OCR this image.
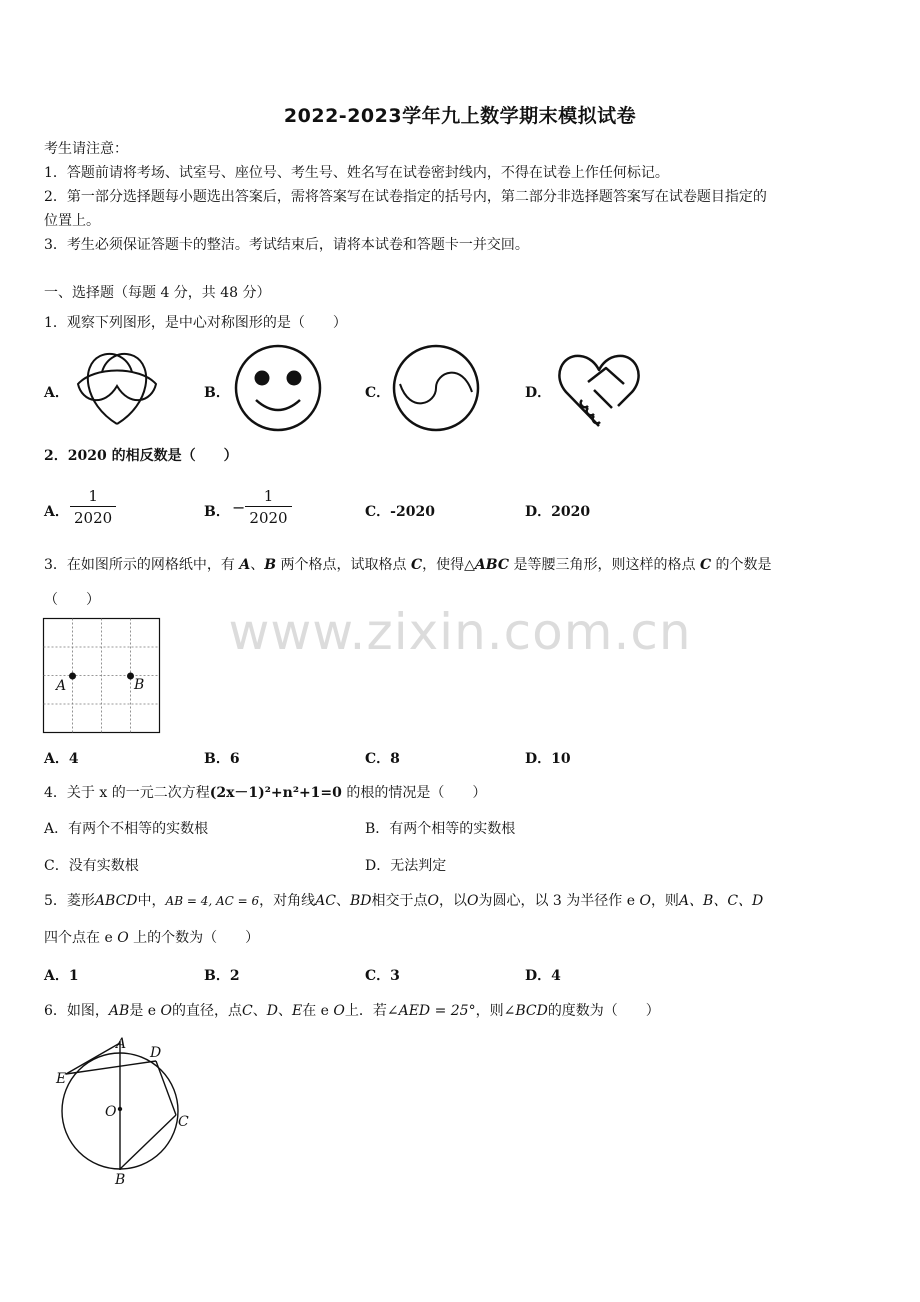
2022-2023学年九上数学期末模拟试卷
考生请注意：
1．答题前请将考场、试室号、座位号、考生号、姓名写在试卷密封线内，不得在试卷上作任何标记。
2．第一部分选择题每小题选出答案后，需将答案写在试卷指定的括号内，第二部分非选择题答案写在试卷题目指定的
位置上。
3．考生必须保证答题卡的整洁。考试结束后，请将本试卷和答题卡一并交回。
一、选择题（每题 4 分，共 48 分）
1．观察下列图形，是中心对称图形的是（　　）
A．	B．	C．	D．
2．2020 的相反数是（　　）
A． $\frac{1}{2020}$	B． − $\frac{1}{2020}$	C．-2020	D．2020
3．在如图所示的网格纸中，有 A、B 两个格点，试取格点 C，使得△ABC 是等腰三角形，则这样的格点 C 的个数是
（　　）
A	B
A．4	B．6	C．8	D．10
4．关于 x 的一元二次方程(2x－1)²+n²+1=0 的根的情况是（　　）
A．有两个不相等的实数根	B．有两个相等的实数根
C．没有实数根	D．无法判定
5．菱形ABCD中，AB = 4, AC = 6，对角线AC、BD相交于点O，以O为圆心，以 3 为半径作 e O，则A、B、C、D
四个点在 e O 上的个数为（　　）
A．1	B．2	C．3	D．4
6．如图，AB是 e O的直径，点C、D、E在 e O上．若∠AED = 25°，则∠BCD的度数为（　　）
A
D
E
O
C
B
www.zixin.com.cn
